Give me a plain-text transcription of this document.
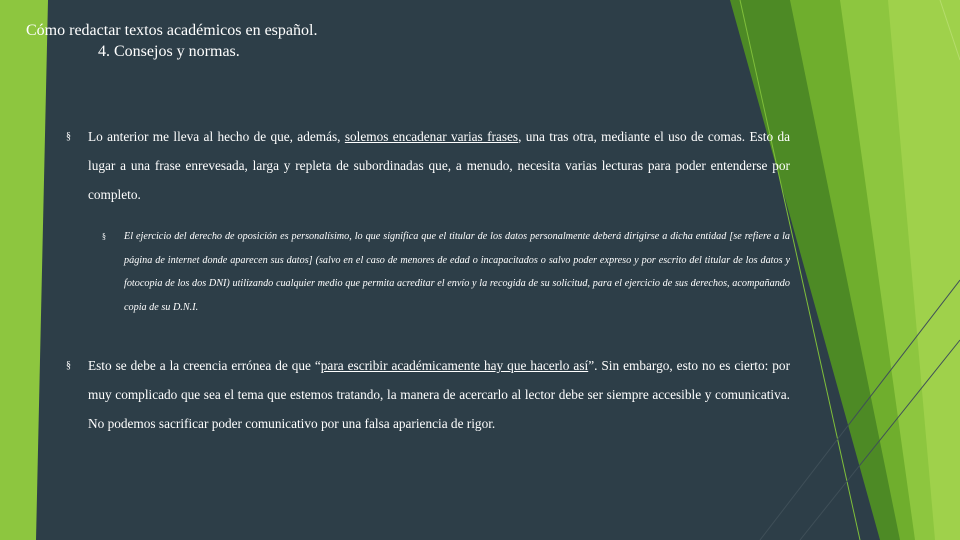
Cómo redactar textos académicos en español.
4. Consejos y normas.

§ Lo anterior me lleva al hecho de que, además, solemos encadenar varias frases, una tras otra, mediante el uso de comas. Esto da lugar a una frase enrevesada, larga y repleta de subordinadas que, a menudo, necesita varias lecturas para poder entenderse por completo.

§ El ejercicio del derecho de oposición es personalísimo, lo que significa que el titular de los datos personalmente deberá dirigirse a dicha entidad [se refiere a la página de internet donde aparecen sus datos] (salvo en el caso de menores de edad o incapacitados o salvo poder expreso y por escrito del titular de los datos y fotocopia de los dos DNI) utilizando cualquier medio que permita acreditar el envío y la recogida de su solicitud, para el ejercicio de sus derechos, acompañando copia de su D.N.I.

§ Esto se debe a la creencia errónea de que “para escribir académicamente hay que hacerlo así”. Sin embargo, esto no es cierto: por muy complicado que sea el tema que estemos tratando, la manera de acercarlo al lector debe ser siempre accesible y comunicativa. No podemos sacrificar poder comunicativo por una falsa apariencia de rigor.
